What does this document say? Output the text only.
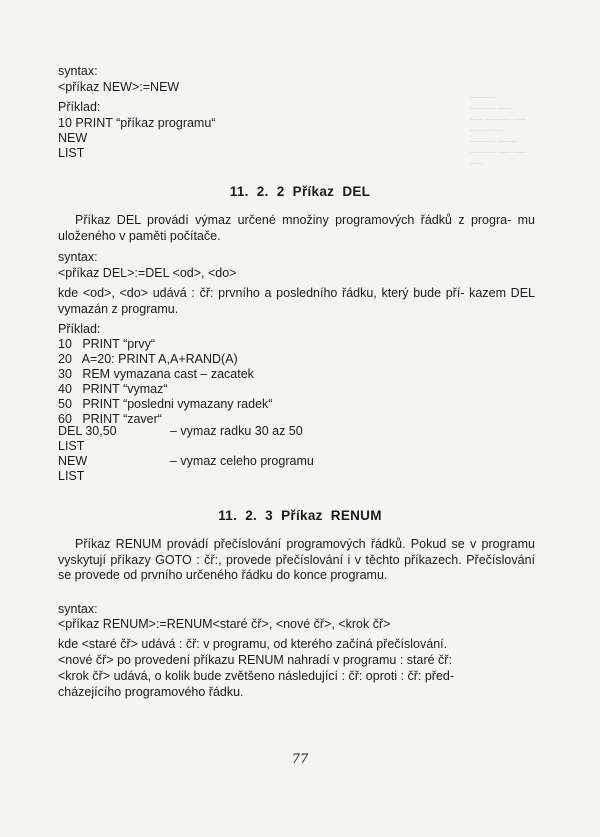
────
──── ──
── ──── ──
─── ──
──── ───
──── ── ──
──
syntax:
<příkaz NEW>:=NEW
Příklad:
10 PRINT “příkaz programu“
NEW
LIST
11.  2.  2  Příkaz  DEL
Příkaz DEL provádí výmaz určené množiny programových řádků z progra- mu uloženého v paměti počítače.
syntax:
<příkaz DEL>:=DEL <od>, <do>
kde <od>, <do> udává : čř: prvního a posledního řádku, který bude pří- kazem DEL vymazán z programu.
Příklad:
10   PRINT “prvy“
20   A=20: PRINT A,A+RAND(A)
30   REM vymazana cast – zacatek
40   PRINT “vymaz“
50   PRINT “posledni vymazany radek“
60   PRINT “zaver“
DEL 30,50	– vymaz radku 30 az 50
LIST
NEW	– vymaz celeho programu
LIST
11.  2.  3  Příkaz  RENUM
Příkaz RENUM provádí přečíslování programových řádků. Pokud se v programu vyskytují příkazy GOTO : čř:, provede přečíslování i v těchto příkazech. Přečíslování se provede od prvního určeného řádku do konce programu.
syntax:
<příkaz RENUM>:=RENUM<staré čř>, <nové čř>, <krok čř>
kde <staré čř> udává : čř: v programu, od kterého začíná přečíslování.
<nové čř> po provedení příkazu RENUM nahradí v programu : staré čř:
<krok čř> udává, o kolik bude zvětšeno následující : čř: oproti : čř: před-
cházejícího programového řádku.
77
